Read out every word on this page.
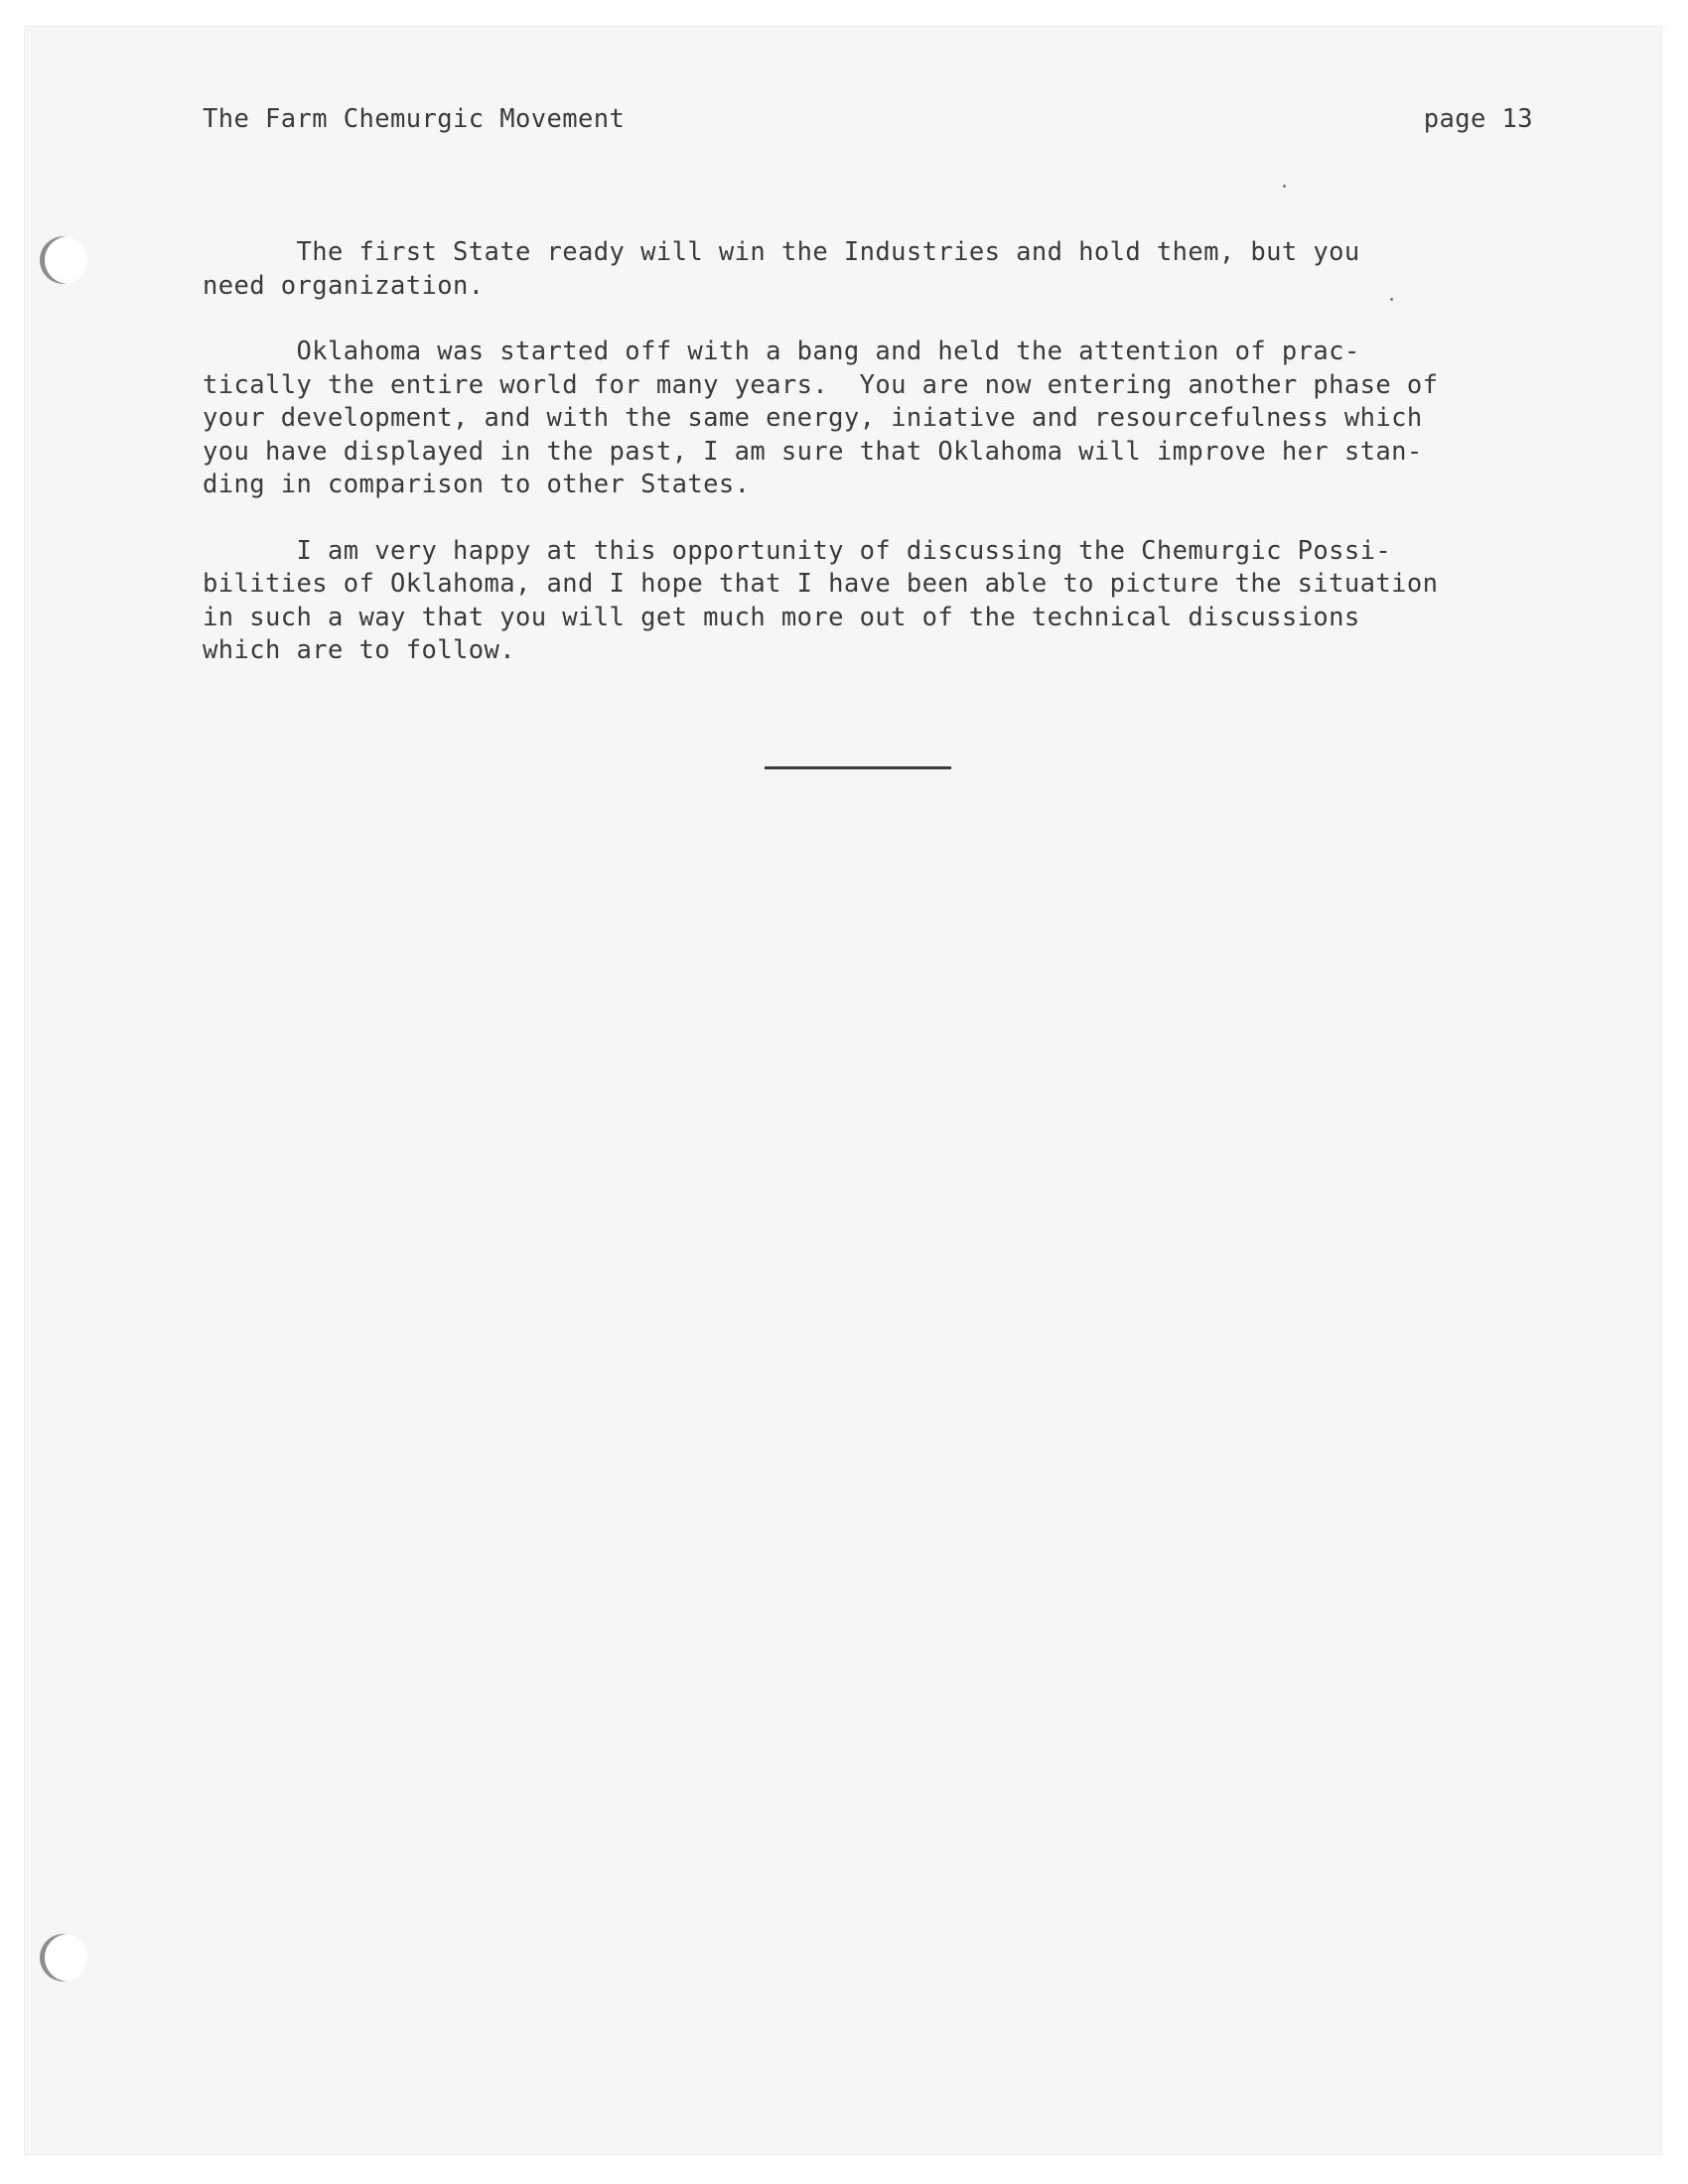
The Farm Chemurgic Movement	page 13

The first State ready will win the Industries and hold them, but you
need organization.

Oklahoma was started off with a bang and held the attention of prac-
tically the entire world for many years.  You are now entering another phase of
your development, and with the same energy, iniative and resourcefulness which
you have displayed in the past, I am sure that Oklahoma will improve her stan-
ding in comparison to other States.

I am very happy at this opportunity of discussing the Chemurgic Possi-
bilities of Oklahoma, and I hope that I have been able to picture the situation
in such a way that you will get much more out of the technical discussions
which are to follow.
